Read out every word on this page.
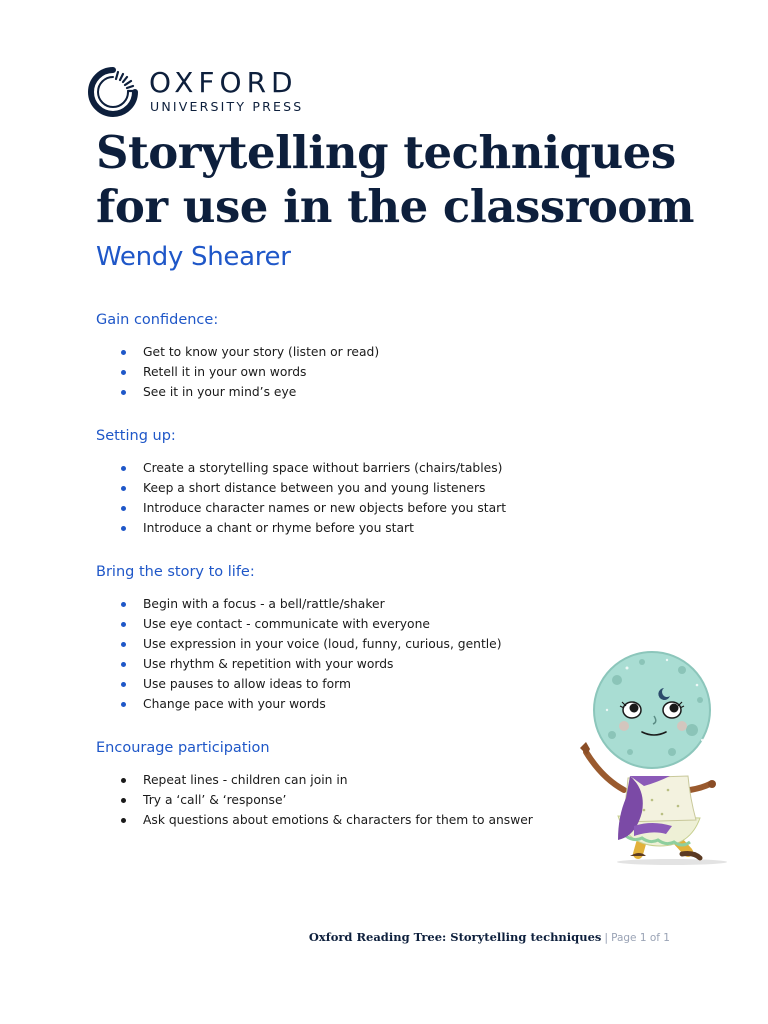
OXFORD
UNIVERSITY PRESS
Storytelling techniques
for use in the classroom
Wendy Shearer
Gain confidence:
Get to know your story (listen or read)
Retell it in your own words
See it in your mind’s eye
Setting up:
Create a storytelling space without barriers (chairs/tables)
Keep a short distance between you and young listeners
Introduce character names or new objects before you start
Introduce a chant or rhyme before you start
Bring the story to life:
Begin with a focus - a bell/rattle/shaker
Use eye contact - communicate with everyone
Use expression in your voice (loud, funny, curious, gentle)
Use rhythm & repetition with your words
Use pauses to allow ideas to form
Change pace with your words
Encourage participation
Repeat lines - children can join in
Try a ‘call’ & ‘response’
Ask questions about emotions & characters for them to answer
Oxford Reading Tree: Storytelling techniques | Page 1 of 1
